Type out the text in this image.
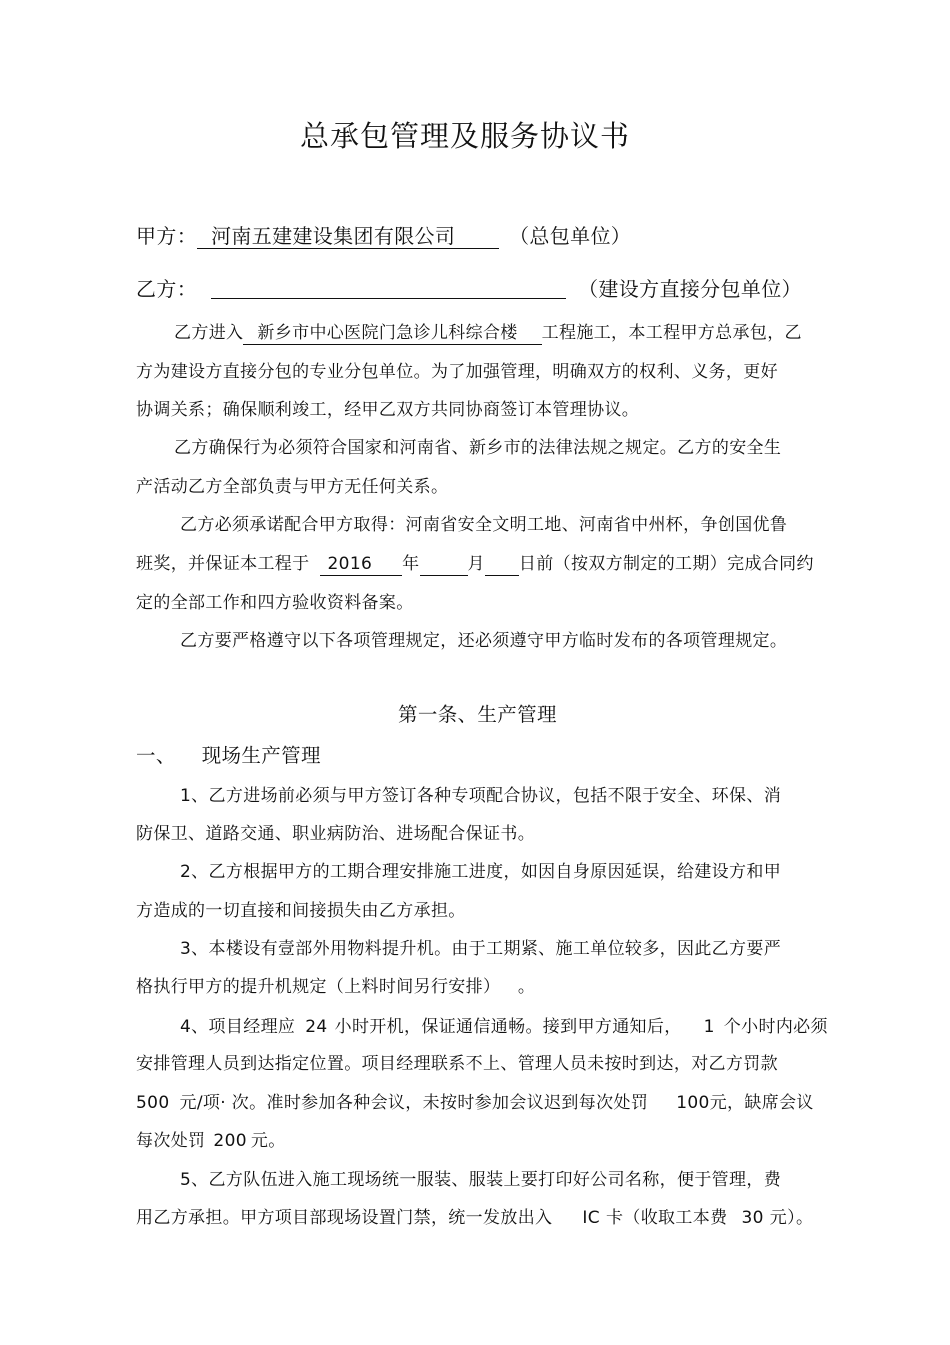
总承包管理及服务协议书
甲方： 河南五建建设集团有限公司	（总包单位）
乙方：	（建设方直接分包单位）
乙方进入 新乡市中心医院门急诊儿科综合楼 工程施工，本工程甲方总承包，乙
方为建设方直接分包的专业分包单位。为了加强管理，明确双方的权利、义务，更好
协调关系；确保顺利竣工，经甲乙双方共同协商签订本管理协议。
乙方确保行为必须符合国家和河南省、新乡市的法律法规之规定。乙方的安全生
产活动乙方全部负责与甲方无任何关系。
乙方必须承诺配合甲方取得：河南省安全文明工地、河南省中州杯，争创国优鲁
班奖，并保证本工程于 2016 年	月 日前（按双方制定的工期）完成合同约
定的全部工作和四方验收资料备案。
乙方要严格遵守以下各项管理规定，还必须遵守甲方临时发布的各项管理规定。
第一条、生产管理
一、 现场生产管理
1、乙方进场前必须与甲方签订各种专项配合协议，包括不限于安全、环保、消
防保卫、道路交通、职业病防治、进场配合保证书。
2、乙方根据甲方的工期合理安排施工进度，如因自身原因延误，给建设方和甲
方造成的一切直接和间接损失由乙方承担。
3、本楼设有壹部外用物料提升机。由于工期紧、施工单位较多，因此乙方要严
格执行甲方的提升机规定（上料时间另行安排） 。
4、项目经理应 24 小时开机，保证通信通畅。接到甲方通知后， 1 个小时内必须
安排管理人员到达指定位置。项目经理联系不上、管理人员未按时到达，对乙方罚款
500 元/项· 次。准时参加各种会议，未按时参加会议迟到每次处罚 100元，缺席会议
每次处罚 200 元。
5、乙方队伍进入施工现场统一服装、服装上要打印好公司名称，便于管理，费
用乙方承担。甲方项目部现场设置门禁，统一发放出入 IC 卡（收取工本费 30 元）。
